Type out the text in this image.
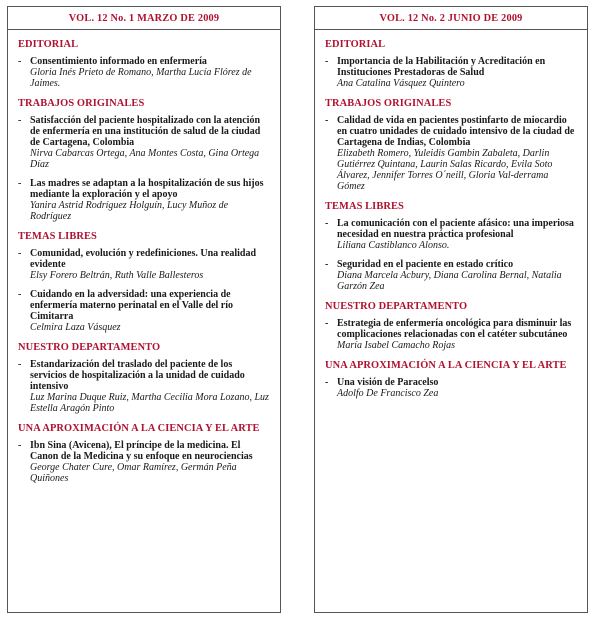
VOL. 12 No. 1 MARZO DE 2009
EDITORIAL
- Consentimiento informado en enfermería
Gloria Inés Prieto de Romano, Martha Lucía Flórez de Jaimes.
TRABAJOS ORIGINALES
- Satisfacción del paciente hospitalizado con la atención de enfermería en una institución de salud de la ciudad de Cartagena, Colombia
Nirva Cabarcas Ortega, Ana Montes Costa, Gina Ortega Díaz
- Las madres se adaptan a la hospitalización de sus hijos mediante la exploración y el apoyo
Yanira Astrid Rodríguez Holguín, Lucy Muñoz de Rodríguez
TEMAS LIBRES
- Comunidad, evolución y redefiniciones. Una realidad evidente
Elsy Forero Beltrán, Ruth Valle Ballesteros
- Cuidando en la adversidad: una experiencia de enfermería materno perinatal en el Valle del río Cimitarra
Celmira Laza Vásquez
NUESTRO DEPARTAMENTO
- Estandarización del traslado del paciente de los servicios de hospitalización a la unidad de cuidado intensivo
Luz Marina Duque Ruiz, Martha Cecilia Mora Lozano, Luz Estella Aragón Pinto
UNA APROXIMACIÓN A LA CIENCIA Y EL ARTE
- Ibn Sina (Avicena), El príncipe de la medicina. El Canon de la Medicina y su enfoque en neurociencias
George Chater Cure, Omar Ramírez, Germán Peña Quiñones
VOL. 12 No. 2 JUNIO DE 2009
EDITORIAL
- Importancia de la Habilitación y Acreditación en Instituciones Prestadoras de Salud
Ana Catalina Vásquez Quintero
TRABAJOS ORIGINALES
- Calidad de vida en pacientes postinfarto de miocardio en cuatro unidades de cuidado intensivo de la ciudad de Cartagena de Indias, Colombia
Elizabeth Romero, Yuleidis Gambin Zabaleta, Darlin Gutiérrez Quintana, Laurin Salas Ricardo, Evila Soto Álvarez, Jennifer Torres O´neill, Gloria Val-derrama Gómez
TEMAS LIBRES
- La comunicación con el paciente afásico: una imperiosa necesidad en nuestra práctica profesional
Liliana Castiblanco Alonso.
- Seguridad en el paciente en estado crítico
Diana Marcela Acbury, Diana Carolina Bernal, Natalia Garzón Zea
NUESTRO DEPARTAMENTO
- Estrategia de enfermería oncológica para disminuir las complicaciones relacionadas con el catéter subcutáneo
María Isabel Camacho Rojas
UNA APROXIMACIÓN A LA CIENCIA Y EL ARTE
- Una visión de Paracelso
Adolfo De Francisco Zea
